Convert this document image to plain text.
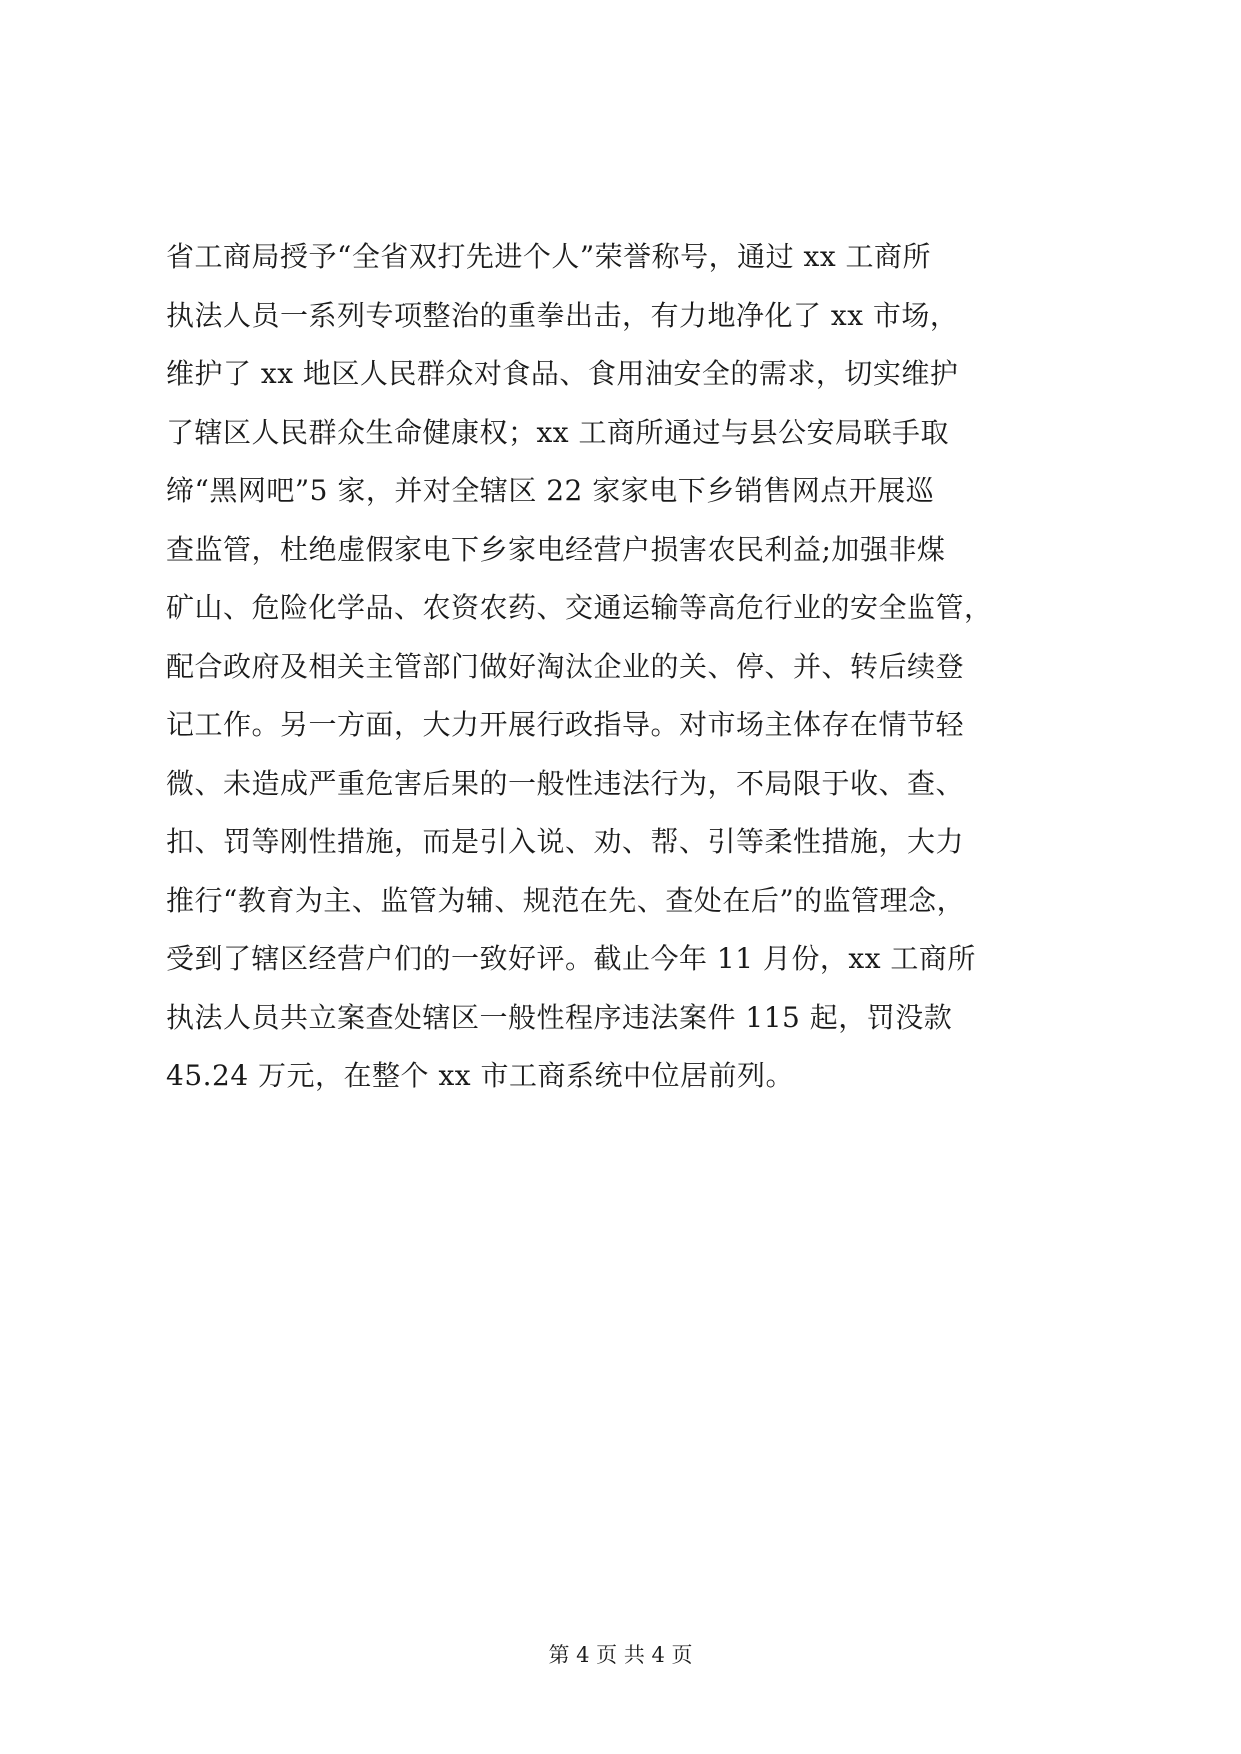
省工商局授予“全省双打先进个人”荣誉称号，通过 xx 工商所
执法人员一系列专项整治的重拳出击，有力地净化了 xx 市场，
维护了 xx 地区人民群众对食品、食用油安全的需求，切实维护
了辖区人民群众生命健康权；xx 工商所通过与县公安局联手取
缔“黑网吧”5 家，并对全辖区 22 家家电下乡销售网点开展巡
查监管，杜绝虚假家电下乡家电经营户损害农民利益;加强非煤
矿山、危险化学品、农资农药、交通运输等高危行业的安全监管，
配合政府及相关主管部门做好淘汰企业的关、停、并、转后续登
记工作。另一方面，大力开展行政指导。对市场主体存在情节轻
微、未造成严重危害后果的一般性违法行为，不局限于收、查、
扣、罚等刚性措施，而是引入说、劝、帮、引等柔性措施，大力
推行“教育为主、监管为辅、规范在先、查处在后”的监管理念，
受到了辖区经营户们的一致好评。截止今年 11 月份，xx 工商所
执法人员共立案查处辖区一般性程序违法案件 115 起，罚没款
45.24 万元，在整个 xx 市工商系统中位居前列。
第 4 页 共 4 页
